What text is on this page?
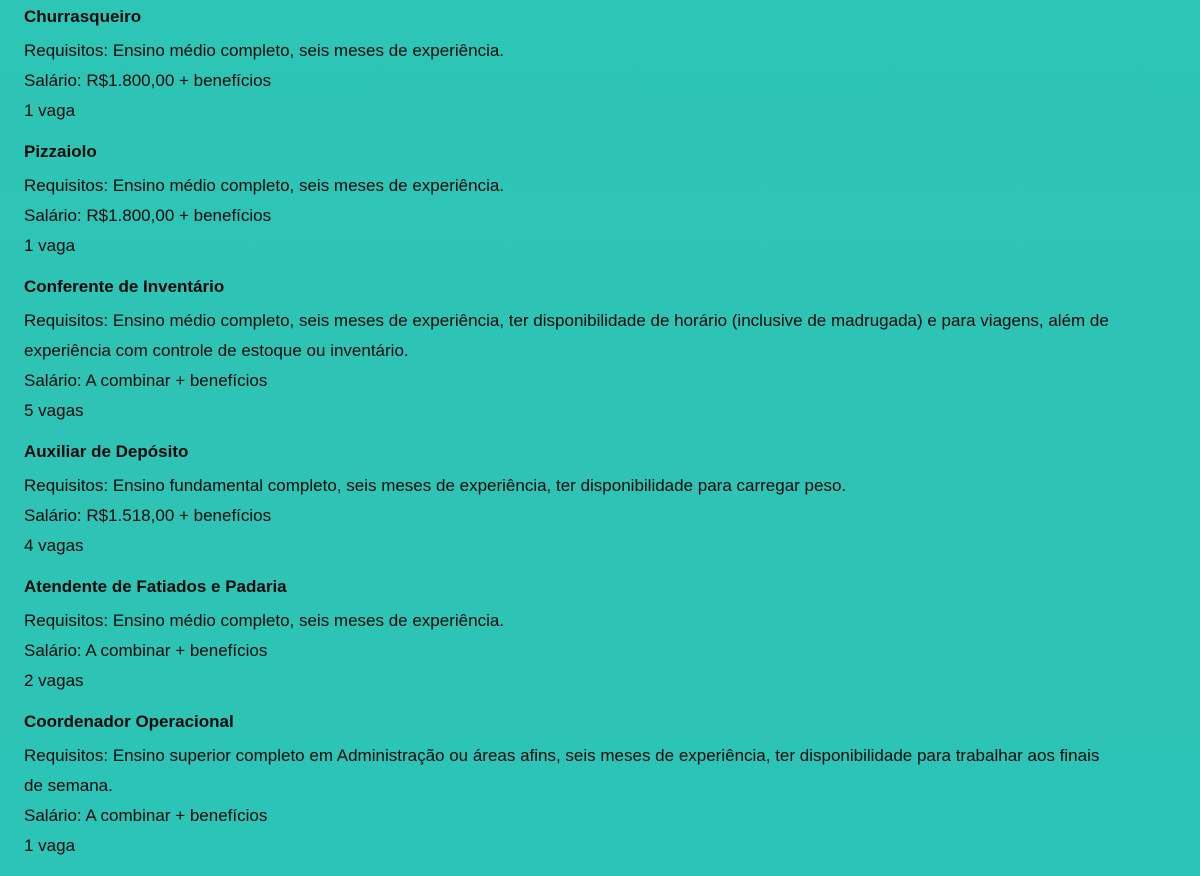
Churrasqueiro
Requisitos: Ensino médio completo, seis meses de experiência.
Salário: R$1.800,00 + benefícios
1 vaga
Pizzaiolo
Requisitos: Ensino médio completo, seis meses de experiência.
Salário: R$1.800,00 + benefícios
1 vaga
Conferente de Inventário
Requisitos: Ensino médio completo, seis meses de experiência, ter disponibilidade de horário (inclusive de madrugada) e para viagens, além de experiência com controle de estoque ou inventário.
Salário: A combinar + benefícios
5 vagas
Auxiliar de Depósito
Requisitos: Ensino fundamental completo, seis meses de experiência, ter disponibilidade para carregar peso.
Salário: R$1.518,00 + benefícios
4 vagas
Atendente de Fatiados e Padaria
Requisitos: Ensino médio completo, seis meses de experiência.
Salário: A combinar + benefícios
2 vagas
Coordenador Operacional
Requisitos: Ensino superior completo em Administração ou áreas afins, seis meses de experiência, ter disponibilidade para trabalhar aos finais de semana.
Salário: A combinar + benefícios
1 vaga
